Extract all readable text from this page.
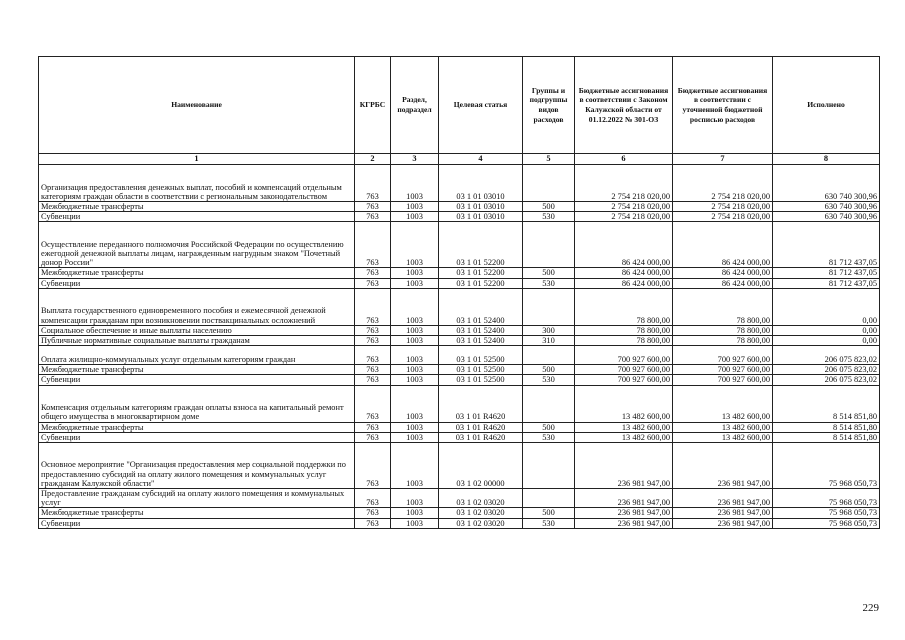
Наименование	КГРБС	Раздел, подраздел	Целевая статья	Группы и подгруппы видов расходов	Бюджетные ассигнования в соответствии с Законом Калужской области от 01.12.2022 № 301-ОЗ	Бюджетные ассигнования в соответствии с уточненной бюджетной росписью расходов	Исполнено
1	2	3	4	5	6	7	8
Организация предоставления денежных выплат, пособий и компенсаций отдельным категориям граждан области в соответствии с региональным законодательством	763	1003	03 1 01 03010		2 754 218 020,00	2 754 218 020,00	630 740 300,96
Межбюджетные трансферты	763	1003	03 1 01 03010	500	2 754 218 020,00	2 754 218 020,00	630 740 300,96
Субвенции	763	1003	03 1 01 03010	530	2 754 218 020,00	2 754 218 020,00	630 740 300,96
Осуществление переданного полномочия Российской Федерации по осуществлению ежегодной денежной выплаты лицам, награжденным нагрудным знаком "Почетный донор России"	763	1003	03 1 01 52200		86 424 000,00	86 424 000,00	81 712 437,05
Межбюджетные трансферты	763	1003	03 1 01 52200	500	86 424 000,00	86 424 000,00	81 712 437,05
Субвенции	763	1003	03 1 01 52200	530	86 424 000,00	86 424 000,00	81 712 437,05
Выплата государственного единовременного пособия и ежемесячной денежной компенсации гражданам при возникновении поствакцинальных осложнений	763	1003	03 1 01 52400		78 800,00	78 800,00	0,00
Социальное обеспечение и иные выплаты населению	763	1003	03 1 01 52400	300	78 800,00	78 800,00	0,00
Публичные нормативные социальные выплаты гражданам	763	1003	03 1 01 52400	310	78 800,00	78 800,00	0,00
Оплата жилищно-коммунальных услуг отдельным категориям граждан	763	1003	03 1 01 52500		700 927 600,00	700 927 600,00	206 075 823,02
Межбюджетные трансферты	763	1003	03 1 01 52500	500	700 927 600,00	700 927 600,00	206 075 823,02
Субвенции	763	1003	03 1 01 52500	530	700 927 600,00	700 927 600,00	206 075 823,02
Компенсация отдельным категориям граждан оплаты взноса на капитальный ремонт общего имущества в многоквартирном доме	763	1003	03 1 01 R4620		13 482 600,00	13 482 600,00	8 514 851,80
Межбюджетные трансферты	763	1003	03 1 01 R4620	500	13 482 600,00	13 482 600,00	8 514 851,80
Субвенции	763	1003	03 1 01 R4620	530	13 482 600,00	13 482 600,00	8 514 851,80
Основное мероприятие "Организация предоставления мер социальной поддержки по предоставлению субсидий на оплату жилого помещения и коммунальных услуг гражданам Калужской области"	763	1003	03 1 02 00000		236 981 947,00	236 981 947,00	75 968 050,73
Предоставление гражданам субсидий на оплату жилого помещения и коммунальных услуг	763	1003	03 1 02 03020		236 981 947,00	236 981 947,00	75 968 050,73
Межбюджетные трансферты	763	1003	03 1 02 03020	500	236 981 947,00	236 981 947,00	75 968 050,73
Субвенции	763	1003	03 1 02 03020	530	236 981 947,00	236 981 947,00	75 968 050,73
229
